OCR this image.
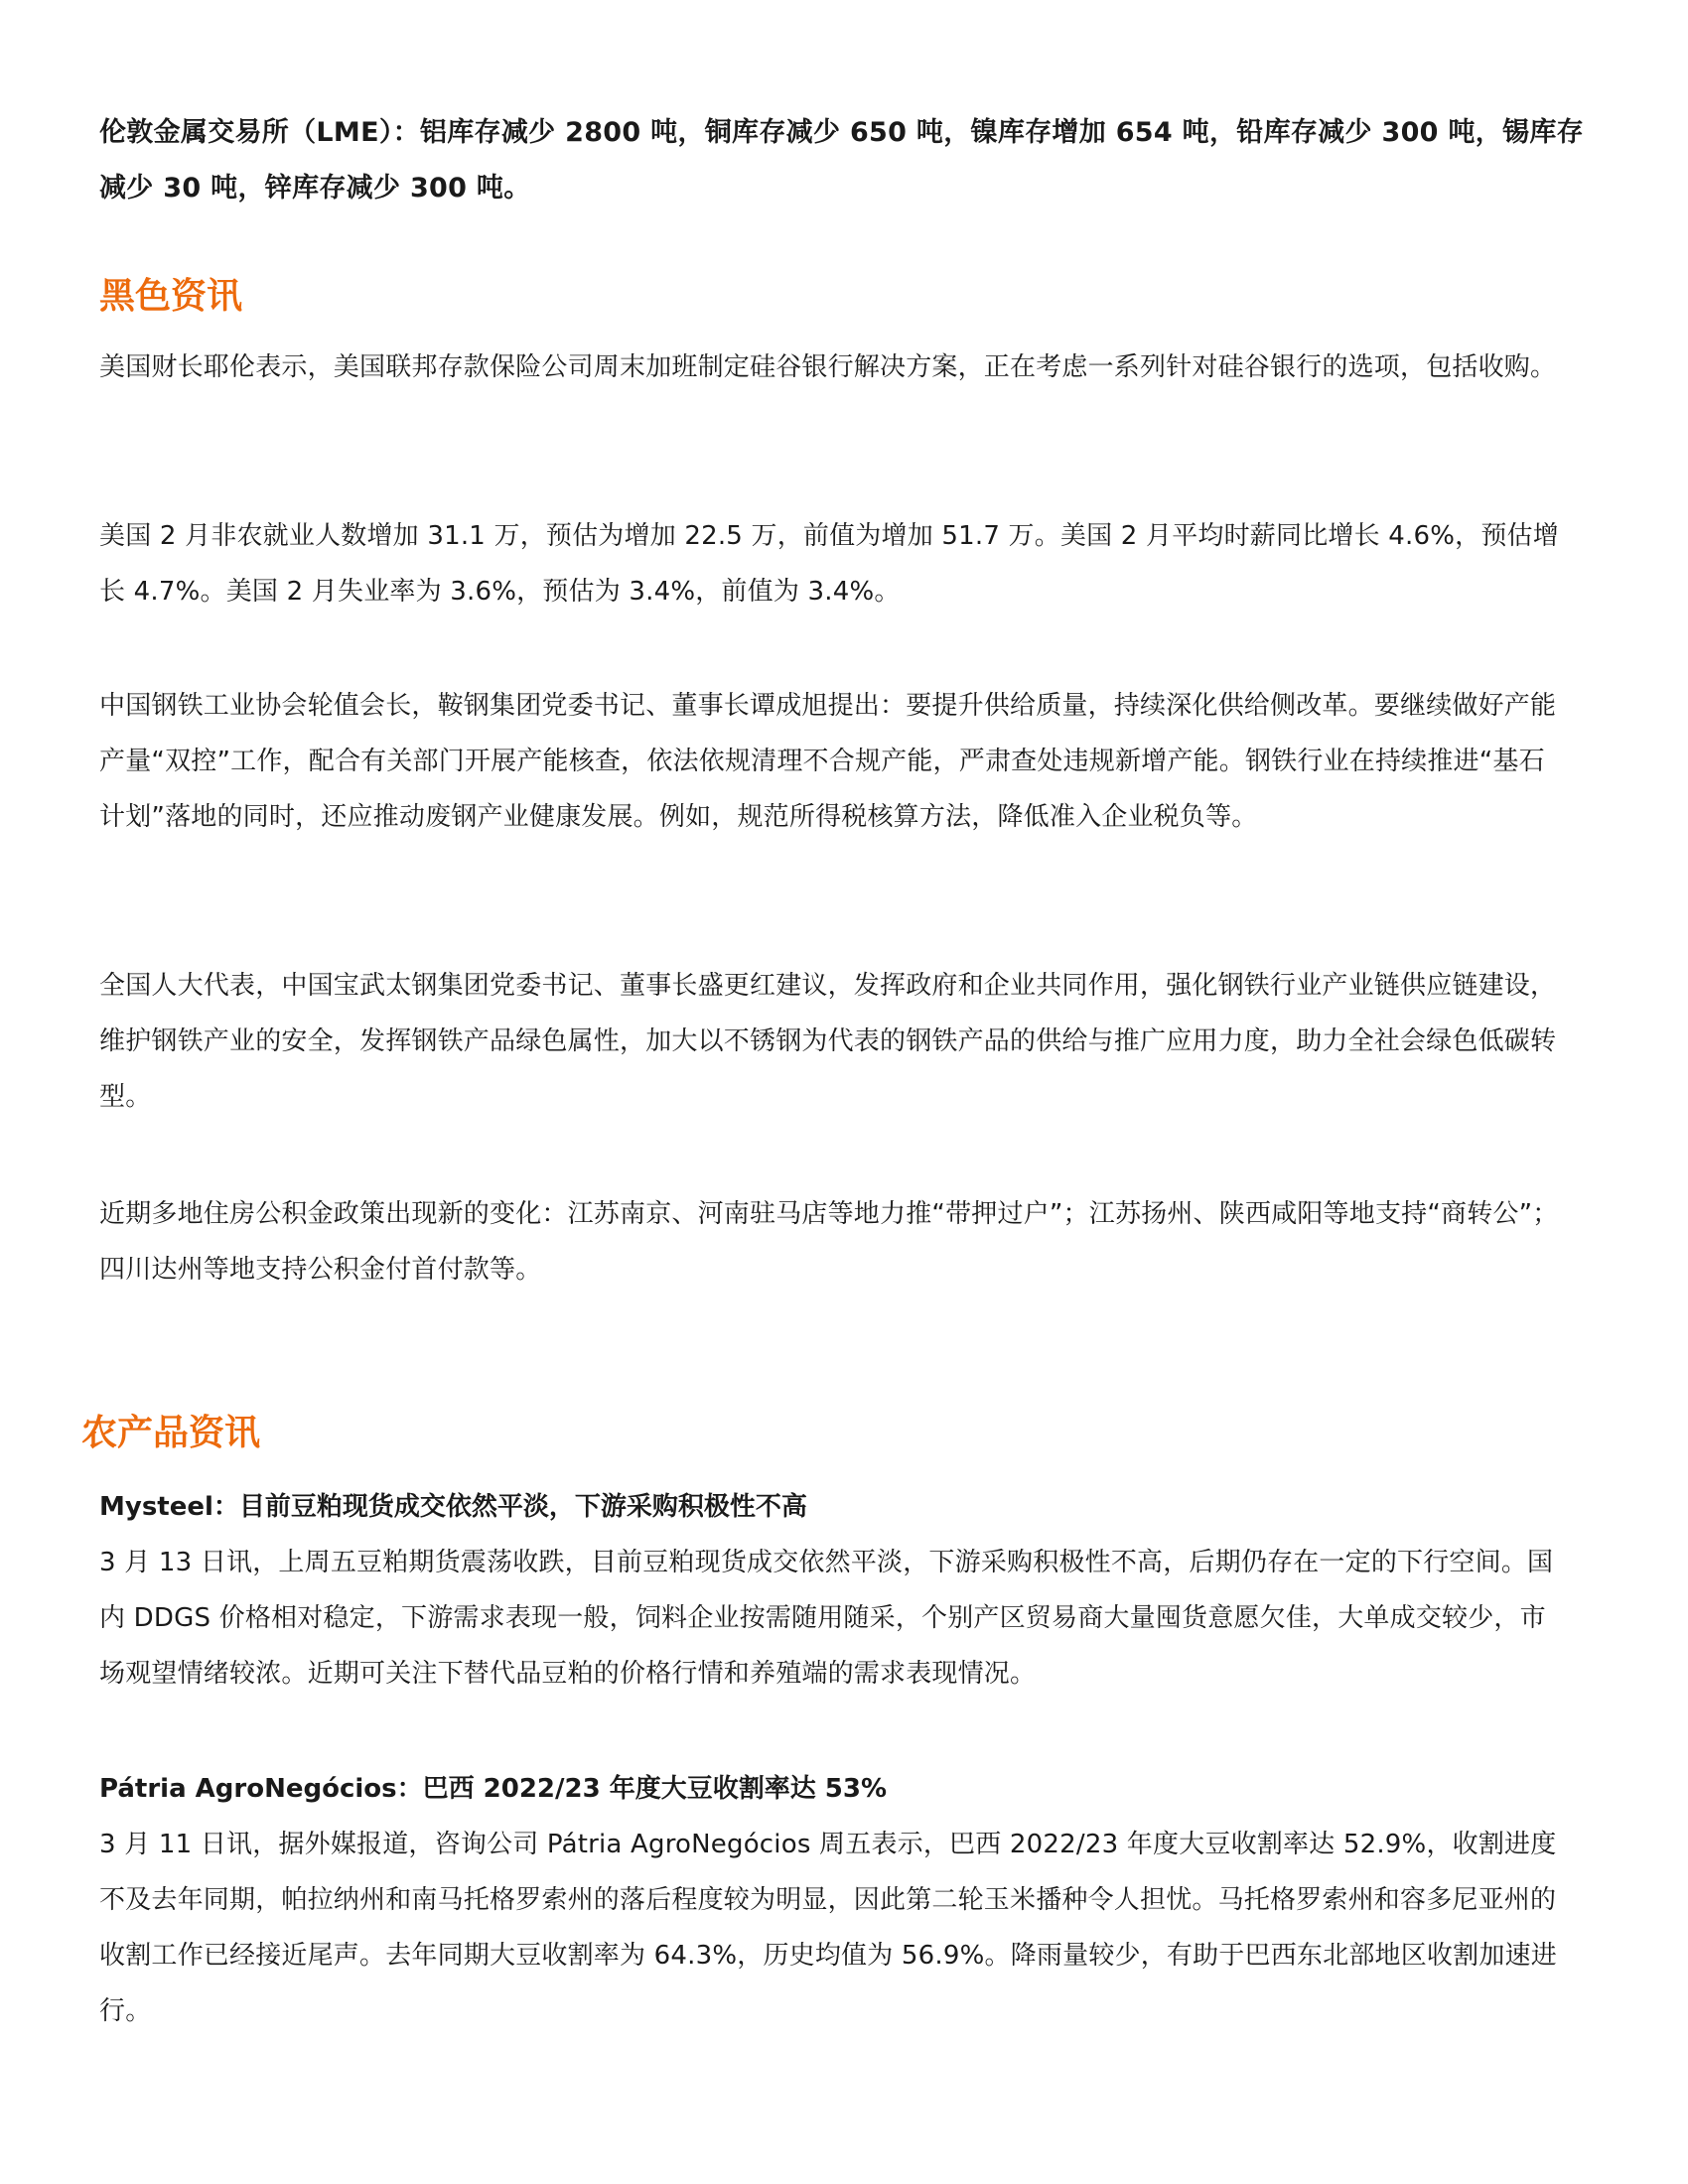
伦敦金属交易所（LME）：铝库存减少 2800 吨，铜库存减少 650 吨，镍库存增加 654 吨，铅库存减少 300 吨，锡库存减少 30 吨，锌库存减少 300 吨。
黑色资讯
美国财长耶伦表示，美国联邦存款保险公司周末加班制定硅谷银行解决方案，正在考虑一系列针对硅谷银行的选项，包括收购。
美国 2 月非农就业人数增加 31.1 万，预估为增加 22.5 万，前值为增加 51.7 万。美国 2 月平均时薪同比增长 4.6%，预估增长 4.7%。美国 2 月失业率为 3.6%，预估为 3.4%，前值为 3.4%。
中国钢铁工业协会轮值会长，鞍钢集团党委书记、董事长谭成旭提出：要提升供给质量，持续深化供给侧改革。要继续做好产能产量“双控”工作，配合有关部门开展产能核查，依法依规清理不合规产能，严肃查处违规新增产能。钢铁行业在持续推进“基石计划”落地的同时，还应推动废钢产业健康发展。例如，规范所得税核算方法，降低准入企业税负等。
全国人大代表，中国宝武太钢集团党委书记、董事长盛更红建议，发挥政府和企业共同作用，强化钢铁行业产业链供应链建设，维护钢铁产业的安全，发挥钢铁产品绿色属性，加大以不锈钢为代表的钢铁产品的供给与推广应用力度，助力全社会绿色低碳转型。
近期多地住房公积金政策出现新的变化：江苏南京、河南驻马店等地力推“带押过户”；江苏扬州、陕西咸阳等地支持“商转公”；四川达州等地支持公积金付首付款等。
农产品资讯
Mysteel：目前豆粕现货成交依然平淡，下游采购积极性不高
3 月 13 日讯，上周五豆粕期货震荡收跌，目前豆粕现货成交依然平淡，下游采购积极性不高，后期仍存在一定的下行空间。国内 DDGS 价格相对稳定，下游需求表现一般，饲料企业按需随用随采，个别产区贸易商大量囤货意愿欠佳，大单成交较少，市场观望情绪较浓。近期可关注下替代品豆粕的价格行情和养殖端的需求表现情况。
Pátria AgroNegócios：巴西 2022/23 年度大豆收割率达 53%
3 月 11 日讯，据外媒报道，咨询公司 Pátria AgroNegócios 周五表示，巴西 2022/23 年度大豆收割率达 52.9%，收割进度不及去年同期，帕拉纳州和南马托格罗索州的落后程度较为明显，因此第二轮玉米播种令人担忧。马托格罗索州和容多尼亚州的收割工作已经接近尾声。去年同期大豆收割率为 64.3%，历史均值为 56.9%。降雨量较少，有助于巴西东北部地区收割加速进行。
